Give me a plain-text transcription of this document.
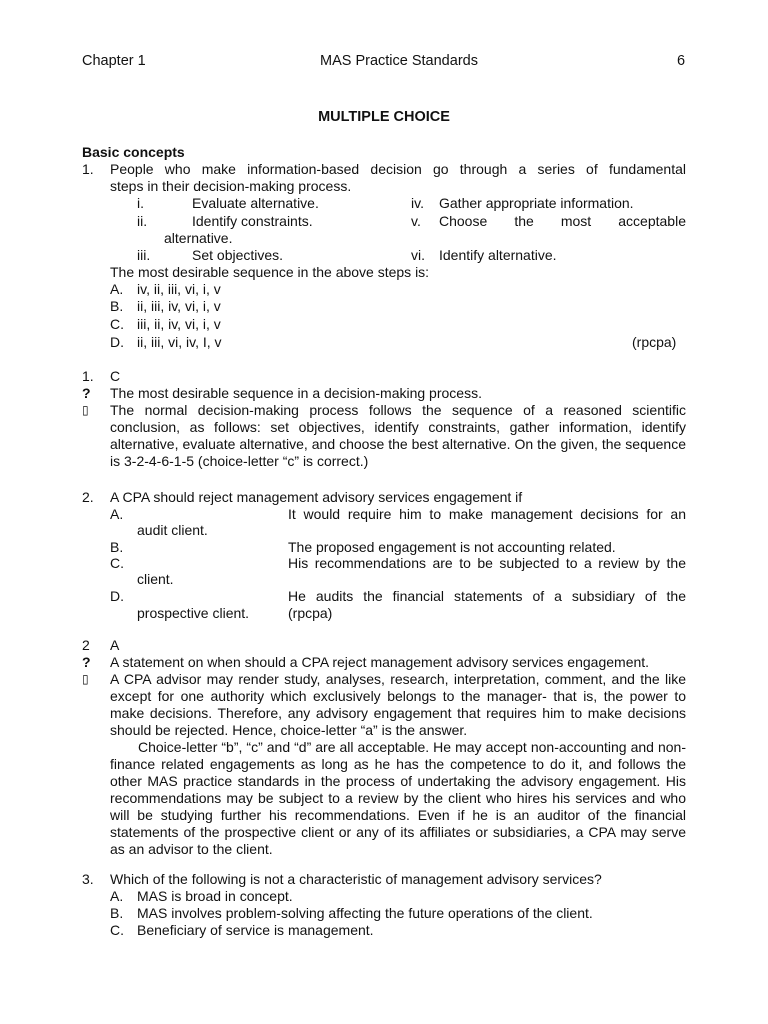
Chapter 1	MAS Practice Standards	6
MULTIPLE CHOICE
Basic concepts
1. People who make information-based decision go through a series of fundamental
steps in their decision-making process.
i.	Evaluate alternative.	iv. Gather appropriate information.
ii.	Identify constraints.	v. Choose the most acceptable
alternative.
iii.	Set objectives.	vi. Identify alternative.
The most desirable sequence in the above steps is:
A. iv, ii, iii, vi, i, v
B. ii, iii, iv, vi, i, v
C. iii, ii, iv, vi, i, v
D. ii, iii, vi, iv, I, v	(rpcpa)
1. C
? The most desirable sequence in a decision-making process.
▯ The normal decision-making process follows the sequence of a reasoned scientific conclusion, as follows: set objectives, identify constraints, gather information, identify alternative, evaluate alternative, and choose the best alternative. On the given, the sequence is 3-2-4-6-1-5 (choice-letter “c” is correct.)
2. A CPA should reject management advisory services engagement if
A.	It would require him to make management decisions for an
audit client.
B.	The proposed engagement is not accounting related.
C.	His recommendations are to be subjected to a review by the
client.
D.	He audits the financial statements of a subsidiary of the
prospective client.	(rpcpa)
2 A
? A statement on when should a CPA reject management advisory services engagement.
▯ A CPA advisor may render study, analyses, research, interpretation, comment, and the like except for one authority which exclusively belongs to the manager- that is, the power to make decisions. Therefore, any advisory engagement that requires him to make decisions should be rejected. Hence, choice-letter “a” is the answer.
Choice-letter “b”, “c” and “d” are all acceptable. He may accept non-accounting and non-finance related engagements as long as he has the competence to do it, and follows the other MAS practice standards in the process of undertaking the advisory engagement. His recommendations may be subject to a review by the client who hires his services and who will be studying further his recommendations. Even if he is an auditor of the financial statements of the prospective client or any of its affiliates or subsidiaries, a CPA may serve as an advisor to the client.
3. Which of the following is not a characteristic of management advisory services?
A. MAS is broad in concept.
B. MAS involves problem-solving affecting the future operations of the client.
C. Beneficiary of service is management.
